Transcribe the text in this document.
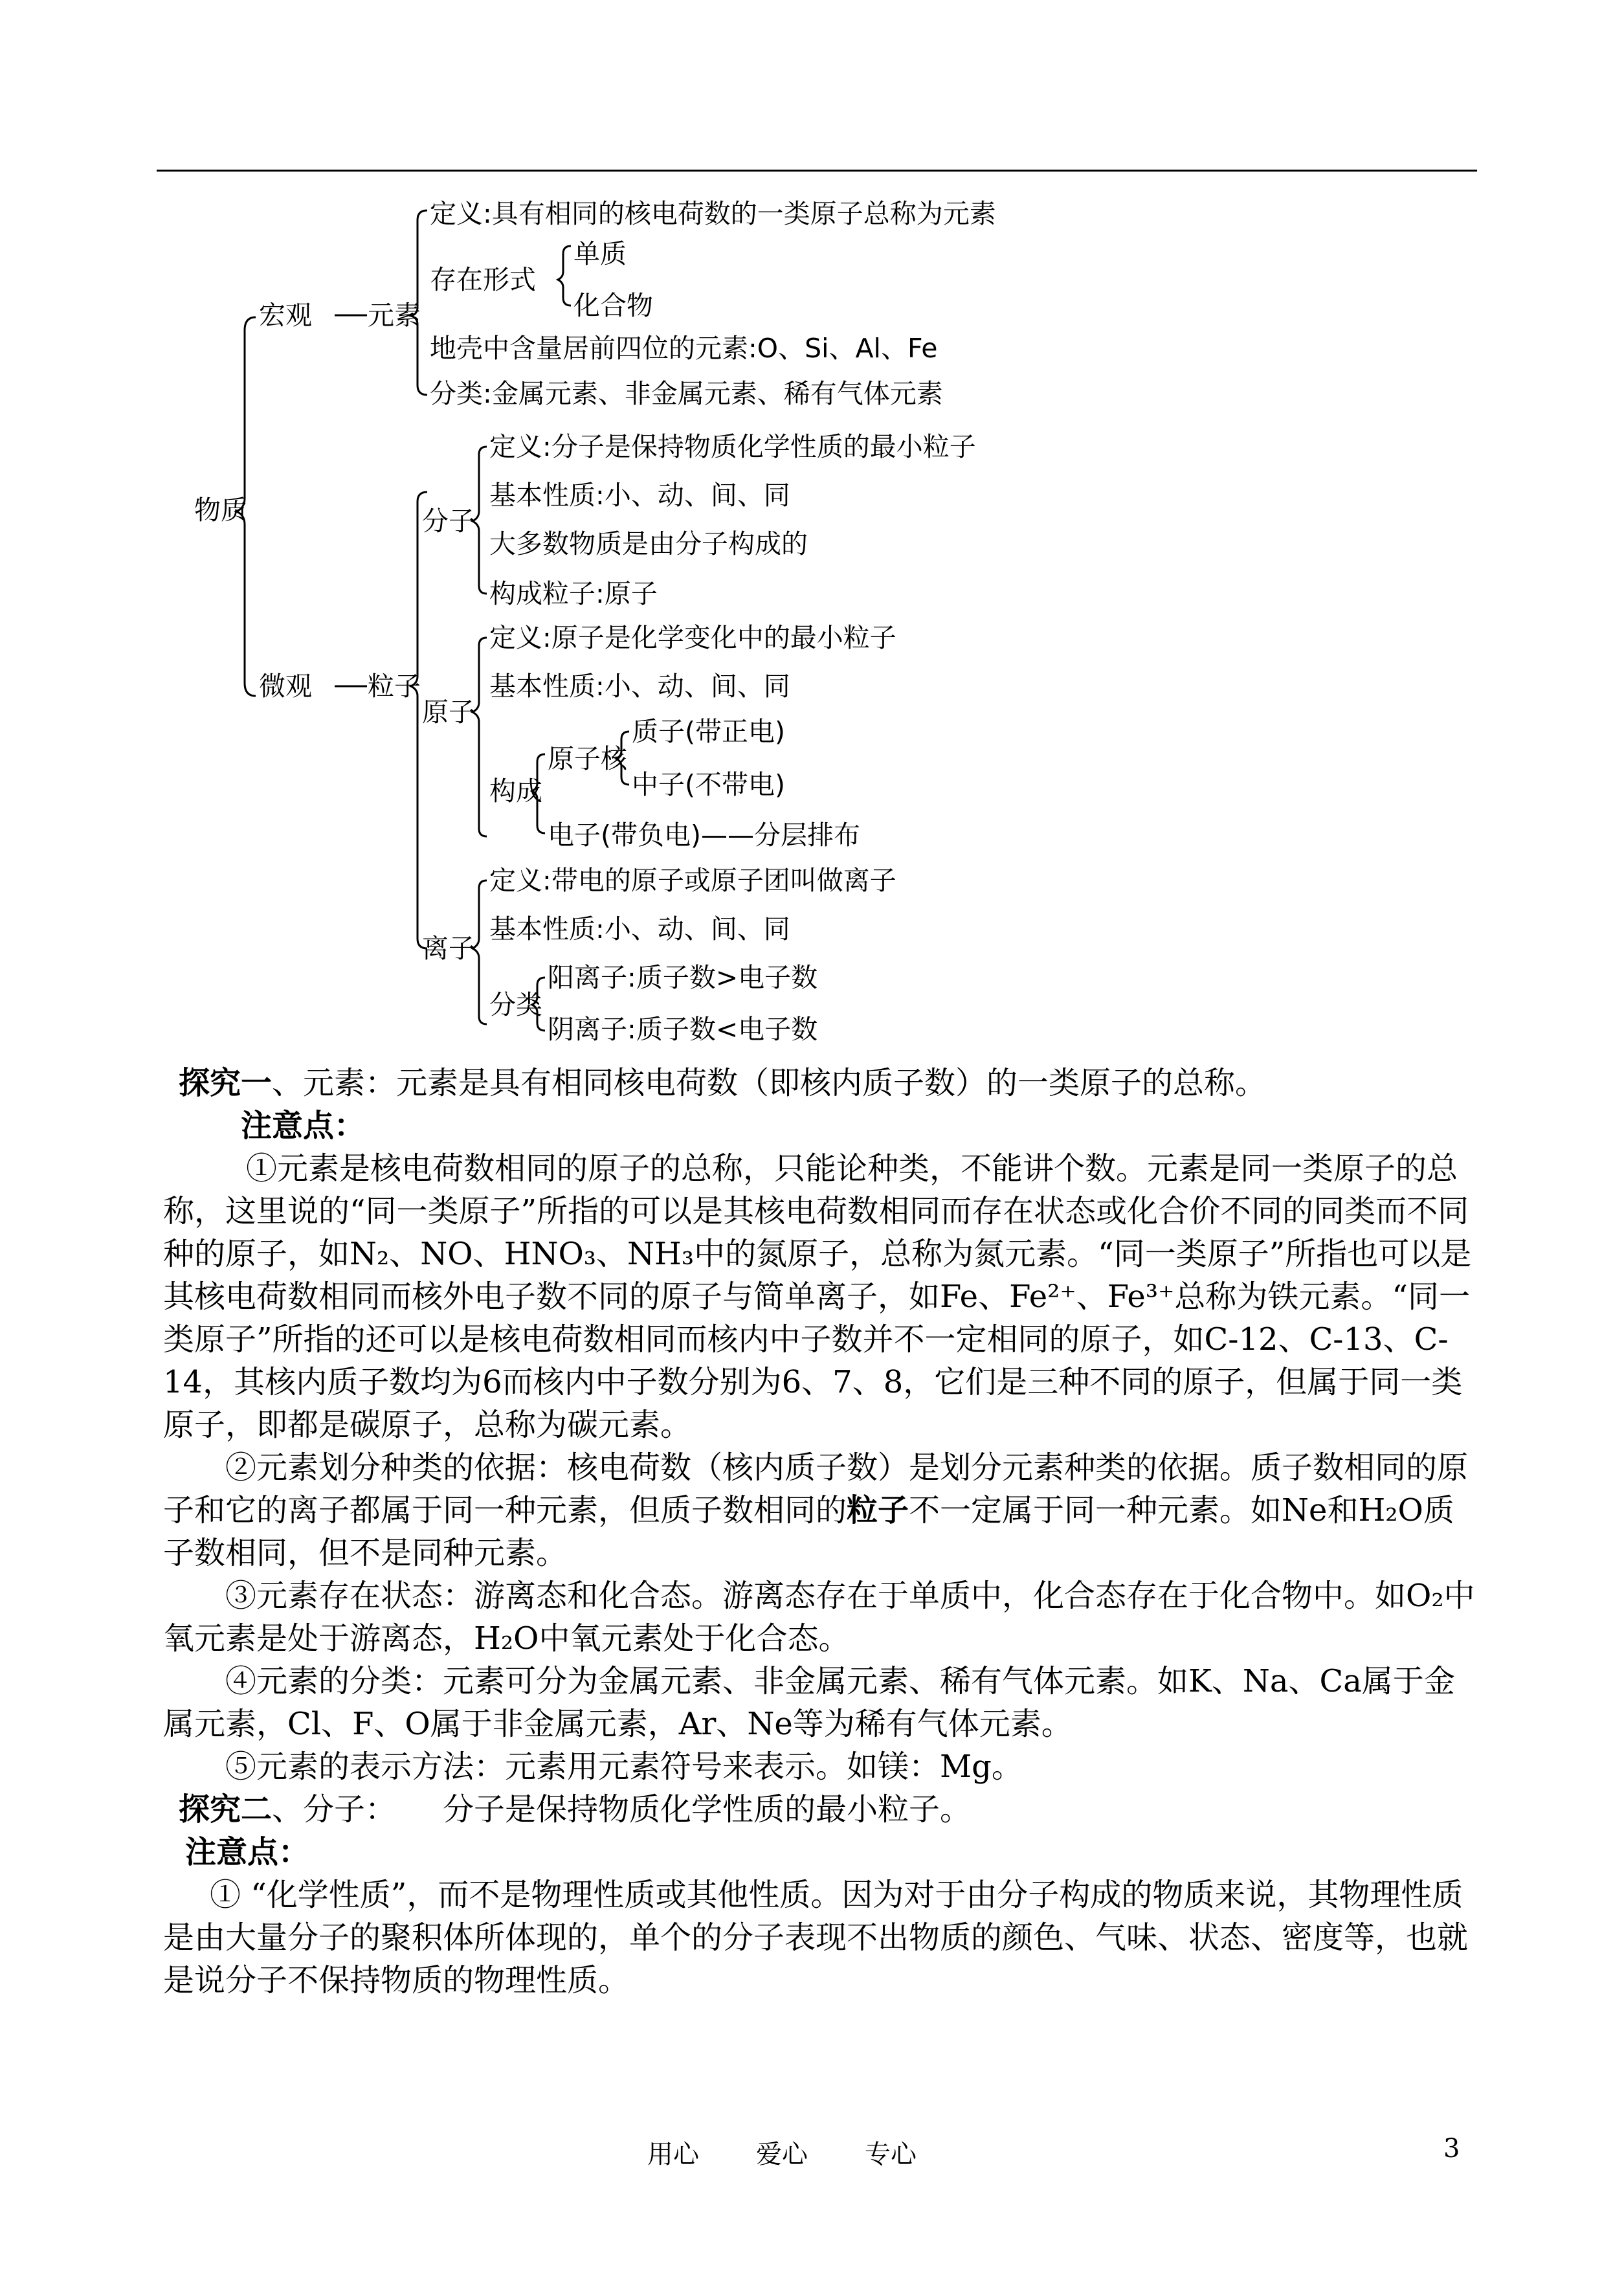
物质
宏观 元素
定义:具有相同的核电荷数的一类原子总称为元素
存在形式
单质
化合物
地壳中含量居前四位的元素:O、Si、Al、Fe
分类:金属元素、非金属元素、稀有气体元素
微观 粒子
分子
定义:分子是保持物质化学性质的最小粒子
基本性质:小、动、间、同
大多数物质是由分子构成的
构成粒子:原子
原子
定义:原子是化学变化中的最小粒子
基本性质:小、动、间、同
构成
原子核
质子(带正电)
中子(不带电)
电子(带负电)——分层排布
离子
定义:带电的原子或原子团叫做离子
基本性质:小、动、间、同
分类
阳离子:质子数>电子数
阴离子:质子数<电子数

探究一、元素：元素是具有相同核电荷数（即核内质子数）的一类原子的总称。

注意点：

①元素是核电荷数相同的原子的总称，只能论种类，不能讲个数。元素是同一类原子的总称，这里说的“同一类原子”所指的可以是其核电荷数相同而存在状态或化合价不同的同类而不同种的原子，如N₂、NO、HNO₃、NH₃中的氮原子，总称为氮元素。“同一类原子”所指也可以是其核电荷数相同而核外电子数不同的原子与简单离子，如Fe、Fe²⁺、Fe³⁺总称为铁元素。“同一类原子”所指的还可以是核电荷数相同而核内中子数并不一定相同的原子，如C-12、C-13、C-14，其核内质子数均为6而核内中子数分别为6、7、8，它们是三种不同的原子，但属于同一类原子，即都是碳原子，总称为碳元素。

②元素划分种类的依据：核电荷数（核内质子数）是划分元素种类的依据。质子数相同的原子和它的离子都属于同一种元素，但质子数相同的粒子不一定属于同一种元素。如Ne和H₂O质子数相同，但不是同种元素。

③元素存在状态：游离态和化合态。游离态存在于单质中，化合态存在于化合物中。如O₂中氧元素是处于游离态，H₂O中氧元素处于化合态。

④元素的分类：元素可分为金属元素、非金属元素、稀有气体元素。如K、Na、Ca属于金属元素，Cl、F、O属于非金属元素，Ar、Ne等为稀有气体元素。

⑤元素的表示方法：元素用元素符号来表示。如镁：Mg。

探究二、分子：　　分子是保持物质化学性质的最小粒子。

注意点：

① “化学性质”，而不是物理性质或其他性质。因为对于由分子构成的物质来说，其物理性质是由大量分子的聚积体所体现的，单个的分子表现不出物质的颜色、气味、状态、密度等，也就是说分子不保持物质的物理性质。

用心 爱心 专心	3
